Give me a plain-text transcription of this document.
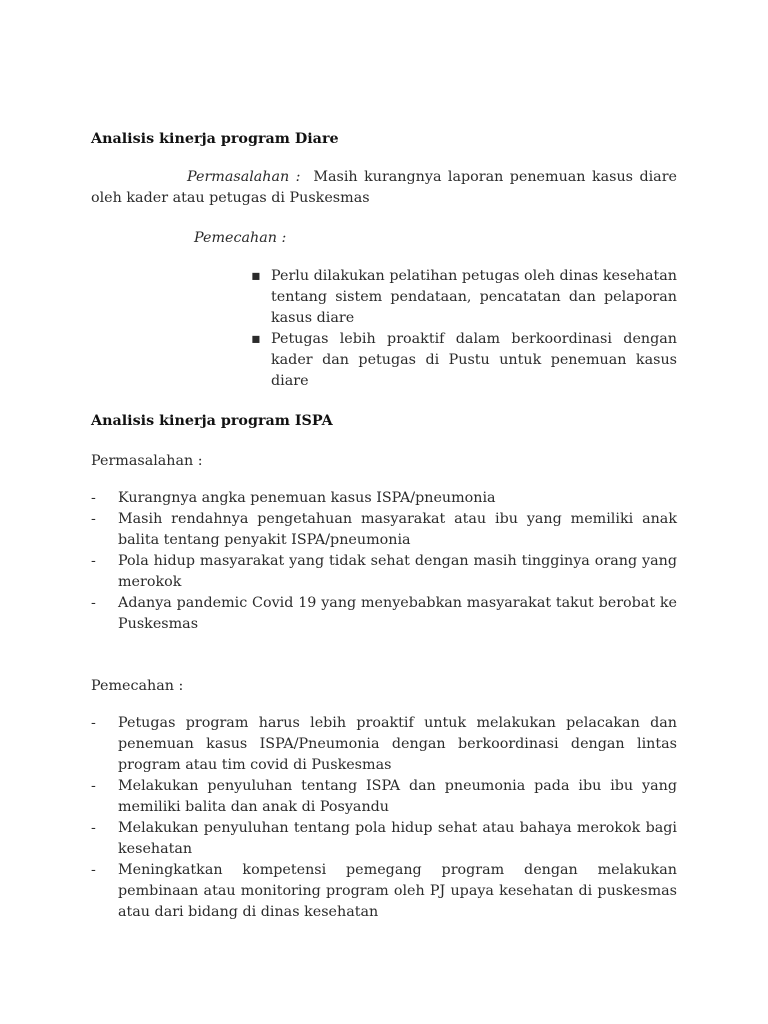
Analisis kinerja program Diare
Permasalahan : Masih kurangnya laporan penemuan kasus diare oleh kader atau petugas di Puskesmas
Pemecahan :
▪ Perlu dilakukan pelatihan petugas oleh dinas kesehatan tentang sistem pendataan, pencatatan dan pelaporan kasus diare
▪ Petugas lebih proaktif dalam berkoordinasi dengan kader dan petugas di Pustu untuk penemuan kasus diare
Analisis kinerja program ISPA
Permasalahan :
- Kurangnya angka penemuan kasus ISPA/pneumonia
- Masih rendahnya pengetahuan masyarakat atau ibu yang memiliki anak balita tentang penyakit ISPA/pneumonia
- Pola hidup masyarakat yang tidak sehat dengan masih tingginya orang yang merokok
- Adanya pandemic Covid 19 yang menyebabkan masyarakat takut berobat ke Puskesmas
Pemecahan :
- Petugas program harus lebih proaktif untuk melakukan pelacakan dan penemuan kasus ISPA/Pneumonia dengan berkoordinasi dengan lintas program atau tim covid di Puskesmas
- Melakukan penyuluhan tentang ISPA dan pneumonia pada ibu ibu yang memiliki balita dan anak di Posyandu
- Melakukan penyuluhan tentang pola hidup sehat atau bahaya merokok bagi kesehatan
- Meningkatkan kompetensi pemegang program dengan melakukan pembinaan atau monitoring program oleh PJ upaya kesehatan di puskesmas atau dari bidang di dinas kesehatan
